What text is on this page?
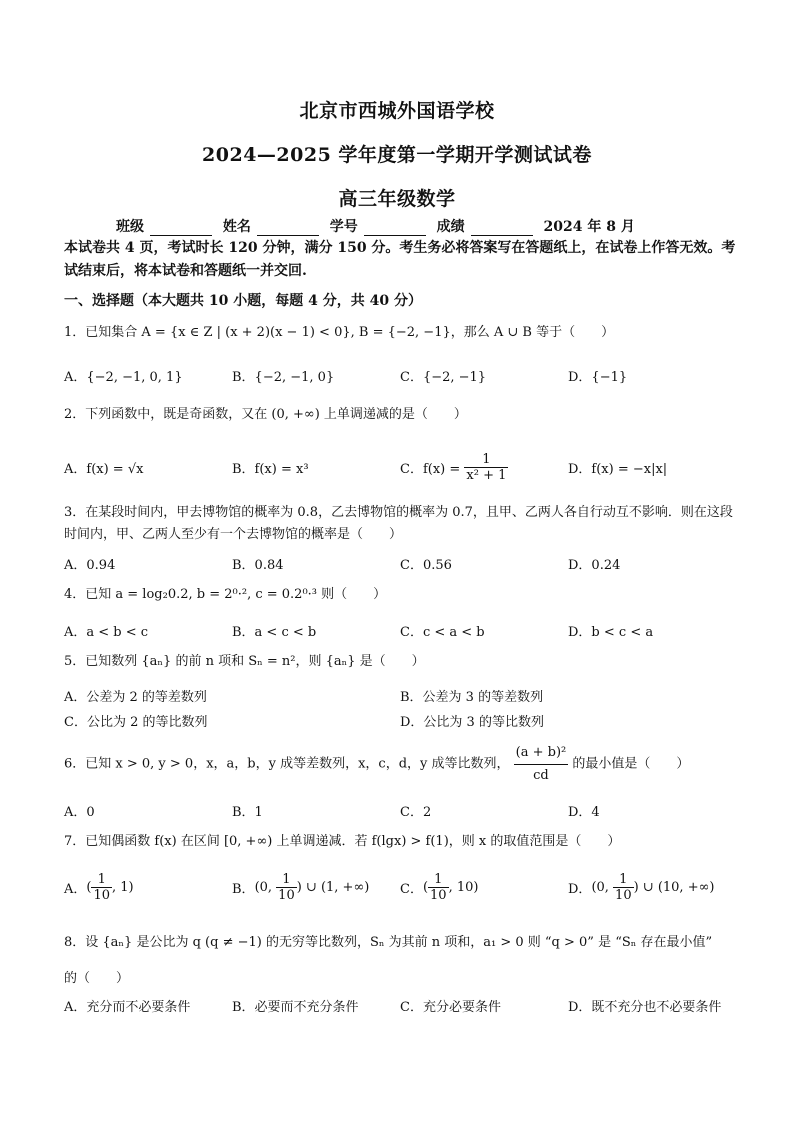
北京市西城外国语学校
2024—2025 学年度第一学期开学测试试卷
高三年级数学
班级	姓名	学号	成绩	2024 年 8 月
本试卷共 4 页，考试时长 120 分钟，满分 150 分。考生务必将答案写在答题纸上，在试卷上作答无效。考试结束后，将本试卷和答题纸一并交回.
一、选择题（本大题共 10 小题，每题 4 分，共 40 分）
1．已知集合 A = {x ∈ Z | (x + 2)(x − 1) < 0}, B = {−2, −1}，那么 A ∪ B 等于（　　）
A．{−2, −1, 0, 1}	B．{−2, −1, 0}	C．{−2, −1}	D．{−1}
2．下列函数中，既是奇函数，又在 (0, +∞) 上单调递减的是（　　）
A．f(x) = √x	B．f(x) = x³	C．$f(x) = \frac{1}{\text{x² + 1}}$	D．f(x) = −x|x|
3．在某段时间内，甲去博物馆的概率为 0.8，乙去博物馆的概率为 0.7，且甲、乙两人各自行动互不影响．则在这段时间内，甲、乙两人至少有一个去博物馆的概率是（　　）
A．0.94	B．0.84	C．0.56	D．0.24
4．已知 a = log₂0.2, b = 2⁰·², c = 0.2⁰·³ 则（　　）
A．a < b < c	B．a < c < b	C．c < a < b	D．b < c < a
5．已知数列 {aₙ} 的前 n 项和 Sₙ = n²，则 {aₙ} 是（　　）
A．公差为 2 的等差数列	B．公差为 3 的等差数列
C．公比为 2 的等比数列	D．公比为 3 的等比数列
6．已知 x > 0, y > 0，x，a，b，y 成等差数列，x，c，d，y 成等比数列， $\frac{\text{(a + b)²}}{cd}$ 的最小值是（　　）
A．0	B．1	C．2	D．4
7．已知偶函数 f(x) 在区间 [0, +∞) 上单调递减．若 f(lgx) > f(1)，则 x 的取值范围是（　　）
A．( $\frac{1}{10}$ , 1)	B．(0, $\frac{1}{10}$ ) ∪ (1, +∞) C．( $\frac{1}{10}$ , 10)	D．(0, $\frac{1}{10}$ ) ∪ (10, +∞)
8．设 {aₙ} 是公比为 q (q ≠ −1) 的无穷等比数列，Sₙ 为其前 n 项和，a₁ > 0 则 “q > 0” 是 “Sₙ 存在最小值”
的（　　）
A．充分而不必要条件	B．必要而不充分条件	C．充分必要条件	D．既不充分也不必要条件
